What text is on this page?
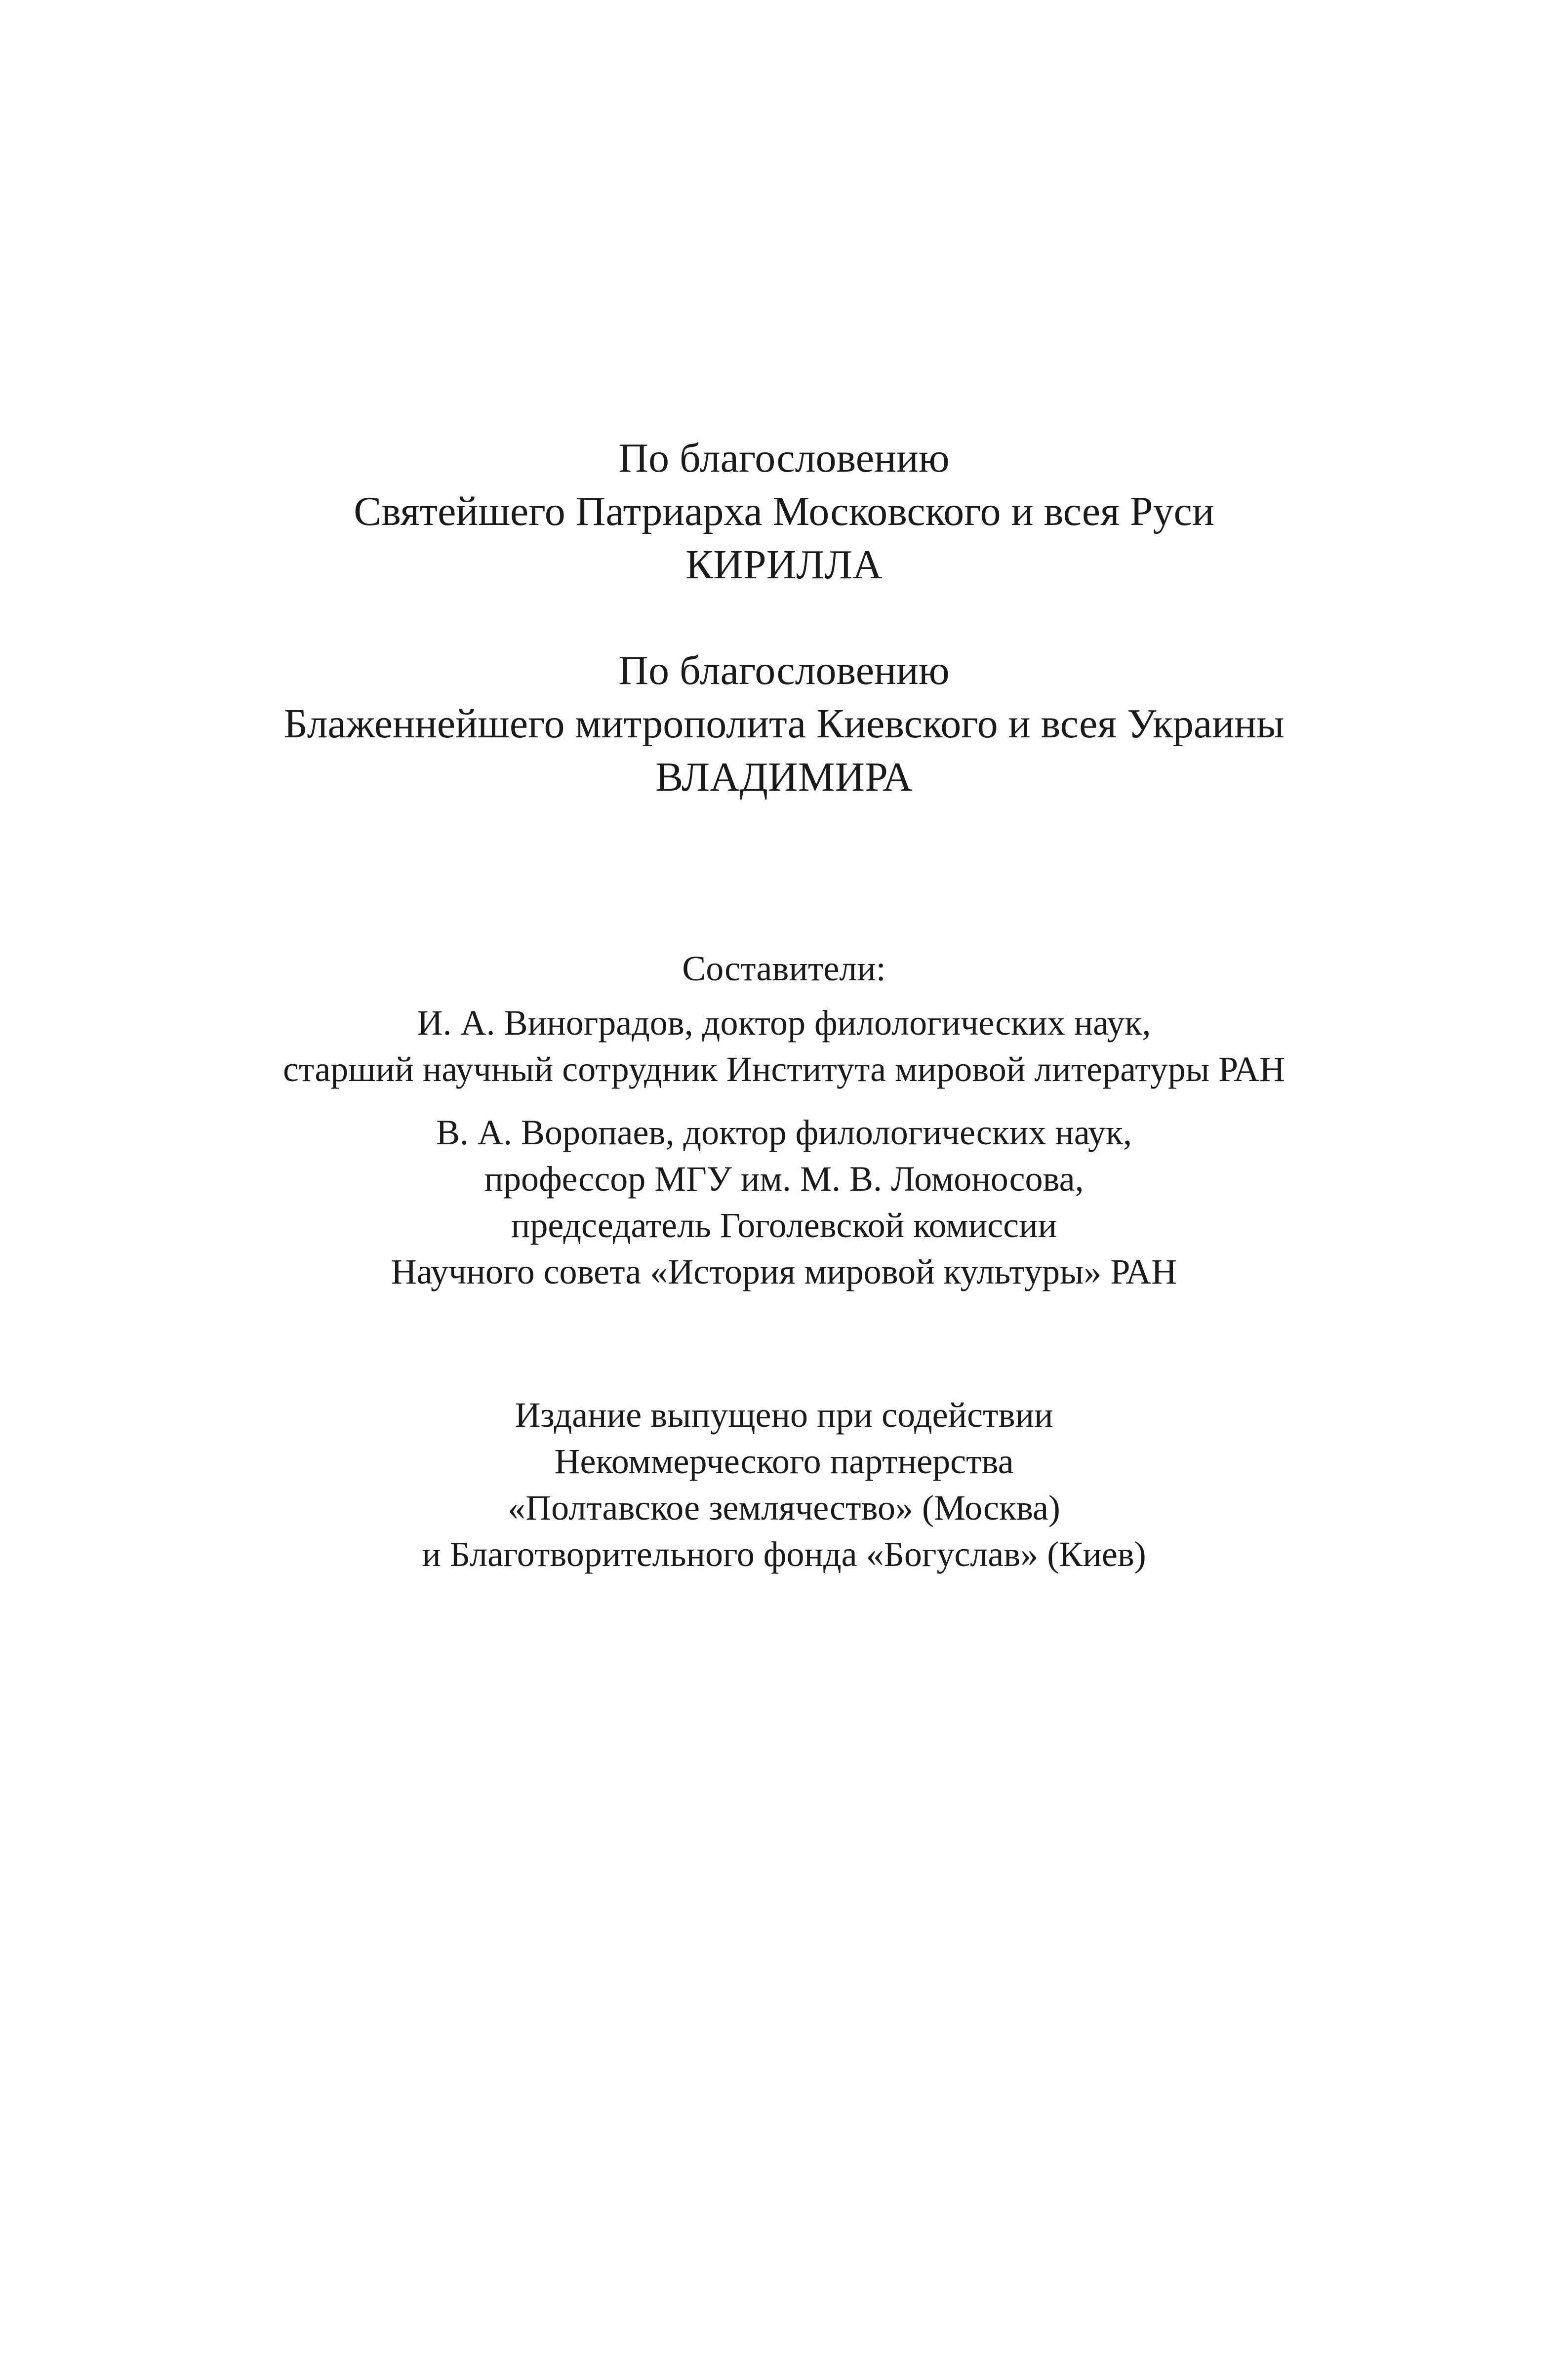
По благословению
Святейшего Патриарха Московского и всея Руси
КИРИЛЛА
По благословению
Блаженнейшего митрополита Киевского и всея Украины
ВЛАДИМИРА
Составители:
И. А. Виноградов, доктор филологических наук,
старший научный сотрудник Института мировой литературы РАН
В. А. Воропаев, доктор филологических наук,
профессор МГУ им. М. В. Ломоносова,
председатель Гоголевской комиссии
Научного совета «История мировой культуры» РАН
Издание выпущено при содействии
Некоммерческого партнерства
«Полтавское землячество» (Москва)
и Благотворительного фонда «Богуслав» (Киев)
